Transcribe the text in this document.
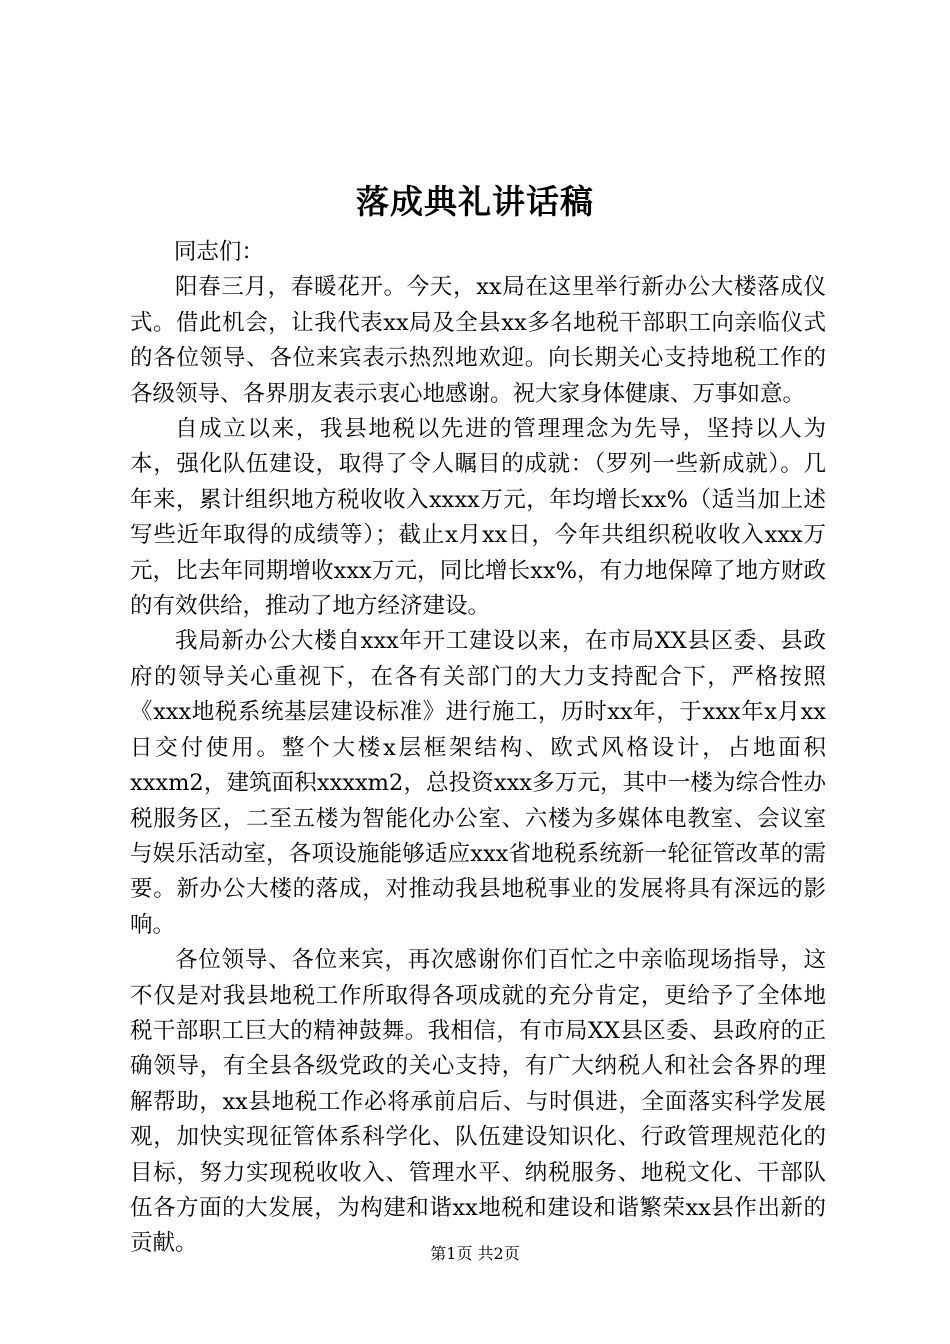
落成典礼讲话稿

同志们：

阳春三月，春暖花开。今天，xx局在这里举行新办公大楼落成仪式。借此机会，让我代表xx局及全县xx多名地税干部职工向亲临仪式的各位领导、各位来宾表示热烈地欢迎。向长期关心支持地税工作的各级领导、各界朋友表示衷心地感谢。祝大家身体健康、万事如意。

自成立以来，我县地税以先进的管理理念为先导，坚持以人为本，强化队伍建设，取得了令人瞩目的成就：（罗列一些新成就）。几年来，累计组织地方税收收入xxxx万元，年均增长xx%（适当加上述写些近年取得的成绩等）；截止x月xx日，今年共组织税收收入xxx万元，比去年同期增收xxx万元，同比增长xx%，有力地保障了地方财政的有效供给，推动了地方经济建设。

我局新办公大楼自xxx年开工建设以来，在市局XX县区委、县政府的领导关心重视下，在各有关部门的大力支持配合下，严格按照《xxx地税系统基层建设标准》进行施工，历时xx年，于xxx年x月xx日交付使用。整个大楼x层框架结构、欧式风格设计，占地面积xxxm2，建筑面积xxxxm2，总投资xxx多万元，其中一楼为综合性办税服务区，二至五楼为智能化办公室、六楼为多媒体电教室、会议室与娱乐活动室，各项设施能够适应xxx省地税系统新一轮征管改革的需要。新办公大楼的落成，对推动我县地税事业的发展将具有深远的影响。

各位领导、各位来宾，再次感谢你们百忙之中亲临现场指导，这不仅是对我县地税工作所取得各项成就的充分肯定，更给予了全体地税干部职工巨大的精神鼓舞。我相信，有市局XX县区委、县政府的正确领导，有全县各级党政的关心支持，有广大纳税人和社会各界的理解帮助，xx县地税工作必将承前启后、与时俱进，全面落实科学发展观，加快实现征管体系科学化、队伍建设知识化、行政管理规范化的目标，努力实现税收收入、管理水平、纳税服务、地税文化、干部队伍各方面的大发展，为构建和谐xx地税和建设和谐繁荣xx县作出新的贡献。	第1页 共2页
